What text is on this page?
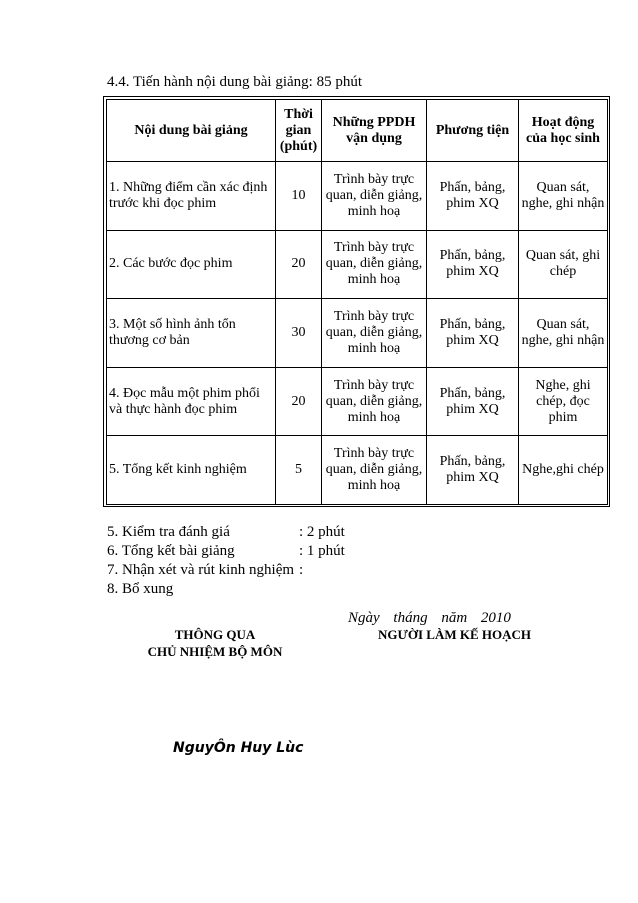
4.4. Tiến hành nội dung bài giảng: 85 phút
Nội dung bài giảng	Thời gian (phút)	Những PPDH vận dụng	Phương tiện	Hoạt động của học sinh
1. Những điểm cần xác định trước khi đọc phim	10	Trình bày trực quan, diễn giảng, minh hoạ	Phấn, bảng, phim XQ	Quan sát, nghe, ghi nhận
2. Các bước đọc phim	20	Trình bày trực quan, diễn giảng, minh hoạ	Phấn, bảng, phim XQ	Quan sát, ghi chép
3. Một số hình ảnh tổn thương cơ bản	30	Trình bày trực quan, diễn giảng, minh hoạ	Phấn, bảng, phim XQ	Quan sát, nghe, ghi nhận
4. Đọc mẫu một phim phổi và thực hành đọc phim	20	Trình bày trực quan, diễn giảng, minh hoạ	Phấn, bảng, phim XQ	Nghe, ghi chép, đọc phim
5. Tổng kết kinh nghiệm	5	Trình bày trực quan, diễn giảng, minh hoạ	Phấn, bảng, phim XQ	Nghe,ghi chép
5. Kiểm tra đánh giá	: 2 phút
6. Tổng kết bài giảng	: 1 phút
7. Nhận xét và rút kinh nghiệm :
8. Bổ xung
Ngày tháng năm 2010
THÔNG QUA
CHỦ NHIỆM BỘ MÔN
NGƯỜI LÀM KẾ HOẠCH
NguyÔn Huy Lùc
